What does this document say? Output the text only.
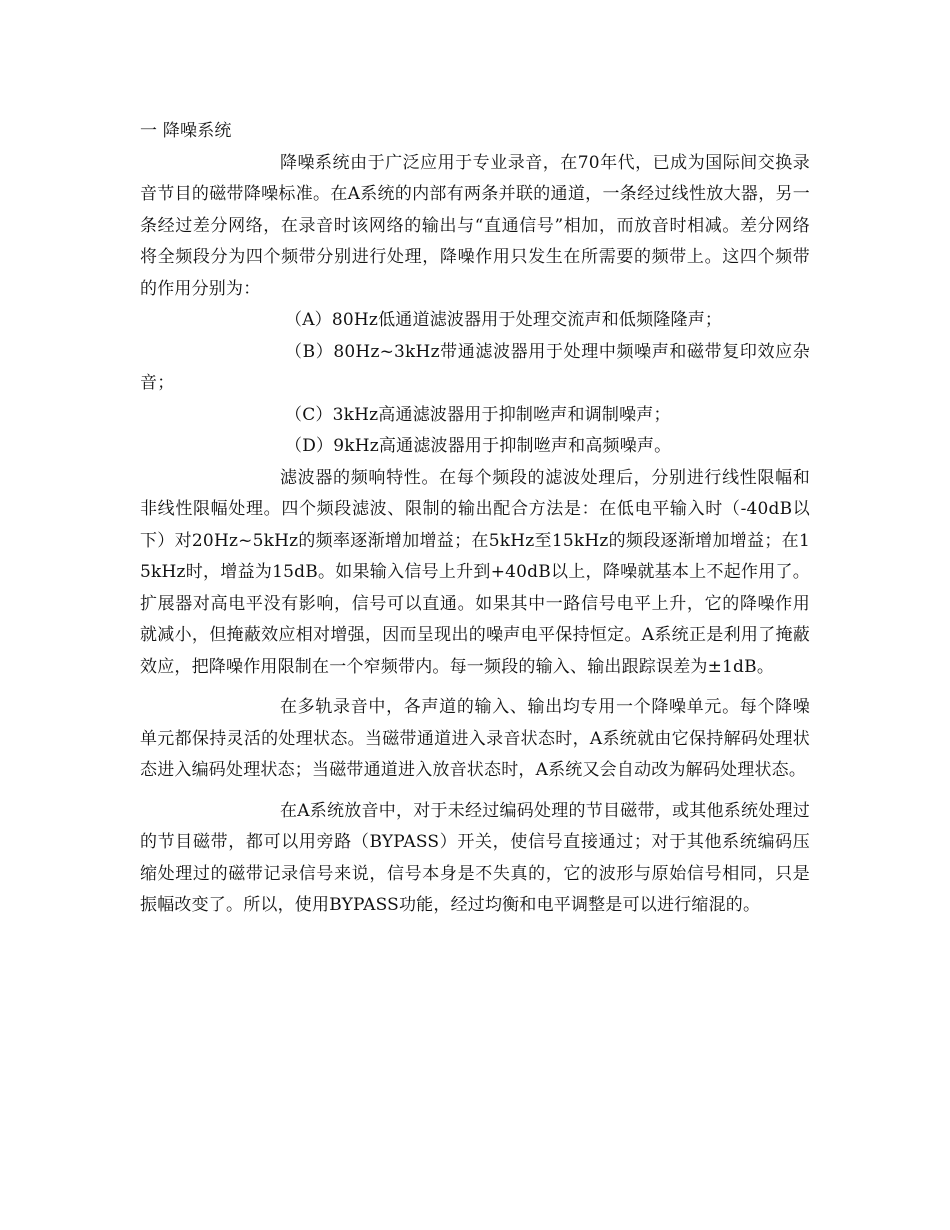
一 降噪系统

降噪系统由于广泛应用于专业录音，在70年代，已成为国际间交换录音节目的磁带降噪标准。在A系统的内部有两条并联的通道，一条经过线性放大器，另一条经过差分网络，在录音时该网络的输出与“直通信号”相加，而放音时相减。差分网络将全频段分为四个频带分别进行处理，降噪作用只发生在所需要的频带上。这四个频带的作用分别为：

（A）80Hz低通道滤波器用于处理交流声和低频隆隆声；

（B）80Hz~3kHz带通滤波器用于处理中频噪声和磁带复印效应杂音；

（C）3kHz高通滤波器用于抑制咝声和调制噪声；

（D）9kHz高通滤波器用于抑制咝声和高频噪声。

滤波器的频响特性。在每个频段的滤波处理后，分别进行线性限幅和非线性限幅处理。四个频段滤波、限制的输出配合方法是：在低电平输入时（-40dB以下）对20Hz~5kHz的频率逐渐增加增益；在5kHz至15kHz的频段逐渐增加增益；在15kHz时，增益为15dB。如果输入信号上升到+40dB以上，降噪就基本上不起作用了。扩展器对高电平没有影响，信号可以直通。如果其中一路信号电平上升，它的降噪作用就减小，但掩蔽效应相对增强，因而呈现出的噪声电平保持恒定。A系统正是利用了掩蔽效应，把降噪作用限制在一个窄频带内。每一频段的输入、输出跟踪误差为±1dB。

在多轨录音中，各声道的输入、输出均专用一个降噪单元。每个降噪单元都保持灵活的处理状态。当磁带通道进入录音状态时，A系统就由它保持解码处理状态进入编码处理状态；当磁带通道进入放音状态时，A系统又会自动改为解码处理状态。

在A系统放音中，对于未经过编码处理的节目磁带，或其他系统处理过的节目磁带，都可以用旁路（BYPASS）开关，使信号直接通过；对于其他系统编码压缩处理过的磁带记录信号来说，信号本身是不失真的，它的波形与原始信号相同，只是振幅改变了。所以，使用BYPASS功能，经过均衡和电平调整是可以进行缩混的。
